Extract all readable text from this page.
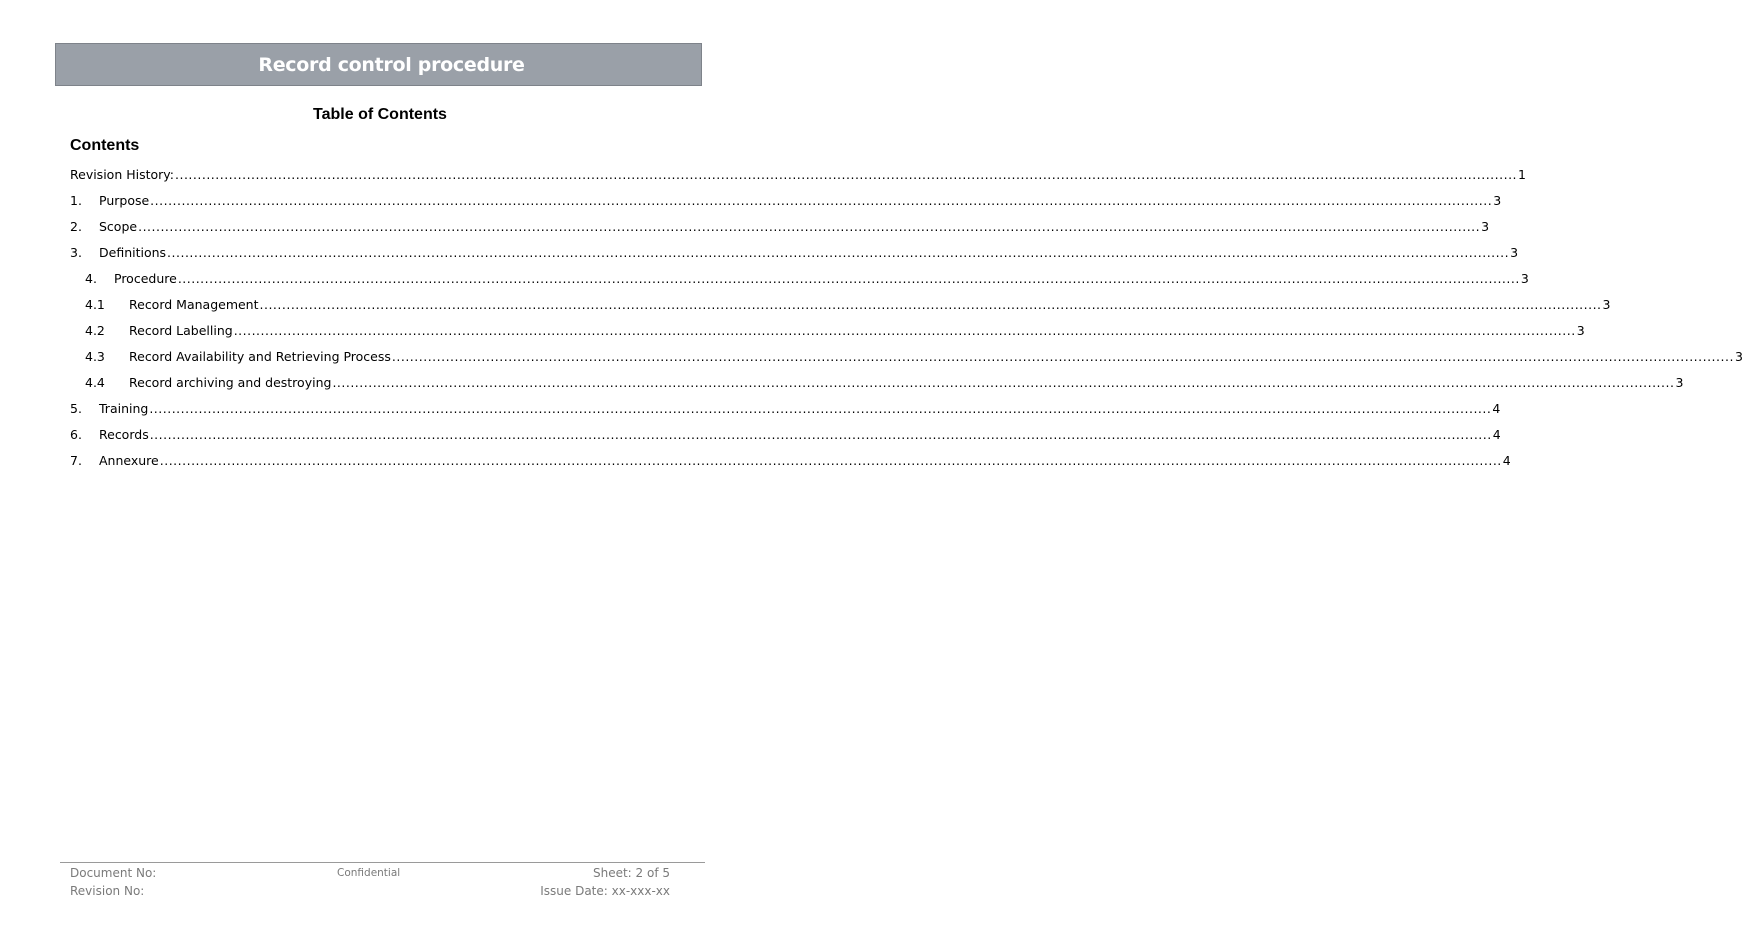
Record control procedure
Table of Contents
Contents
Revision History: ............................................................................................................................................................................................................................................................................................................ 1
1.	Purpose ............................................................................................................................................................................................................................................................................................................ 3
2.	Scope ............................................................................................................................................................................................................................................................................................................ 3
3.	Definitions ............................................................................................................................................................................................................................................................................................................ 3
4.	Procedure ............................................................................................................................................................................................................................................................................................................ 3
4.1	Record Management ............................................................................................................................................................................................................................................................................................................ 3
4.2	Record Labelling ............................................................................................................................................................................................................................................................................................................ 3
4.3	Record Availability and Retrieving Process ............................................................................................................................................................................................................................................................................................................ 3
4.4	Record archiving and destroying ............................................................................................................................................................................................................................................................................................................ 3
5.	Training ............................................................................................................................................................................................................................................................................................................ 4
6.	Records ............................................................................................................................................................................................................................................................................................................ 4
7.	Annexure ............................................................................................................................................................................................................................................................................................................ 4
Document No:
Revision No:
Confidential	Sheet: 2 of 5
Issue Date: xx-xxx-xx
